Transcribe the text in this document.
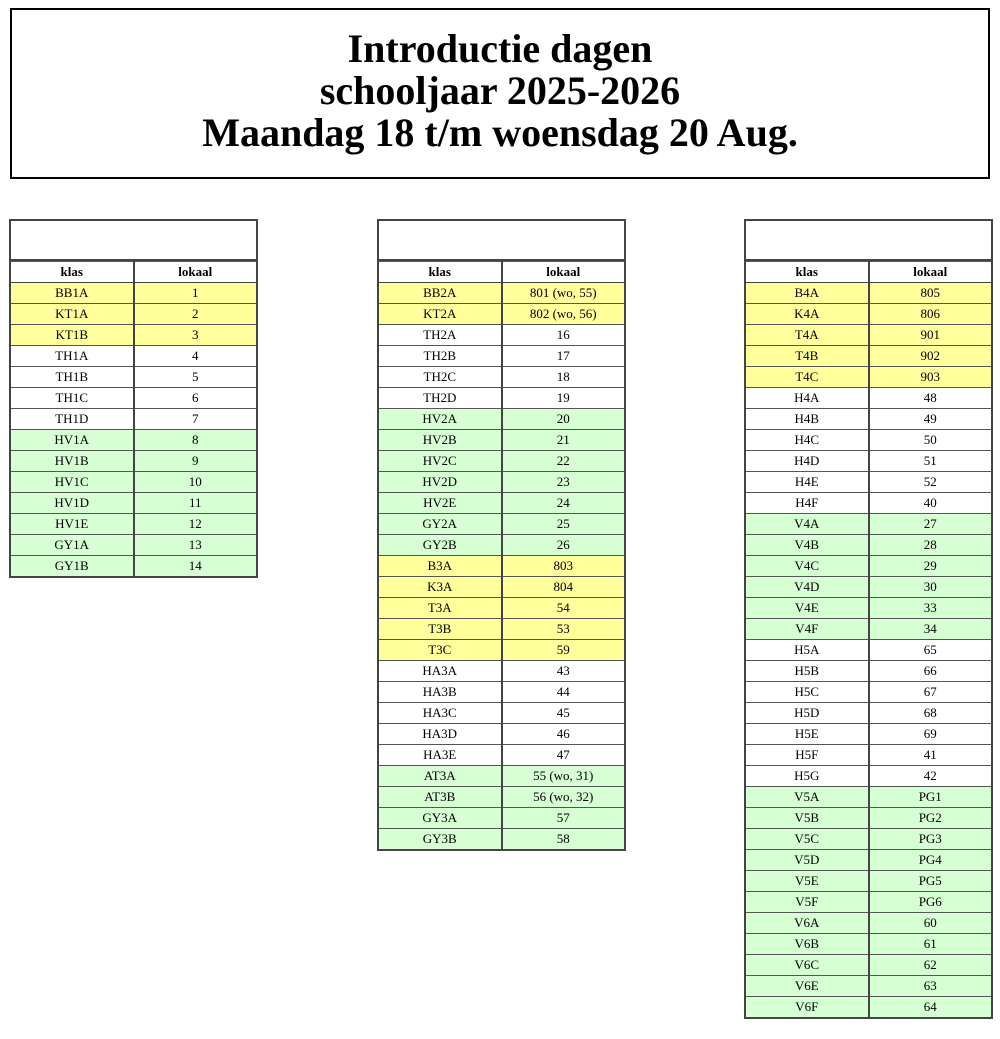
Introductie dagen
schooljaar 2025-2026
Maandag 18 t/m woensdag 20 Aug.
klas	lokaal
BB1A	1
KT1A	2
KT1B	3
TH1A	4
TH1B	5
TH1C	6
TH1D	7
HV1A	8
HV1B	9
HV1C	10
HV1D	11
HV1E	12
GY1A	13
GY1B	14
klas	lokaal
BB2A	801 (wo, 55)
KT2A	802 (wo, 56)
TH2A	16
TH2B	17
TH2C	18
TH2D	19
HV2A	20
HV2B	21
HV2C	22
HV2D	23
HV2E	24
GY2A	25
GY2B	26
B3A	803
K3A	804
T3A	54
T3B	53
T3C	59
HA3A	43
HA3B	44
HA3C	45
HA3D	46
HA3E	47
AT3A	55 (wo, 31)
AT3B	56 (wo, 32)
GY3A	57
GY3B	58
klas	lokaal
B4A	805
K4A	806
T4A	901
T4B	902
T4C	903
H4A	48
H4B	49
H4C	50
H4D	51
H4E	52
H4F	40
V4A	27
V4B	28
V4C	29
V4D	30
V4E	33
V4F	34
H5A	65
H5B	66
H5C	67
H5D	68
H5E	69
H5F	41
H5G	42
V5A	PG1
V5B	PG2
V5C	PG3
V5D	PG4
V5E	PG5
V5F	PG6
V6A	60
V6B	61
V6C	62
V6E	63
V6F	64
